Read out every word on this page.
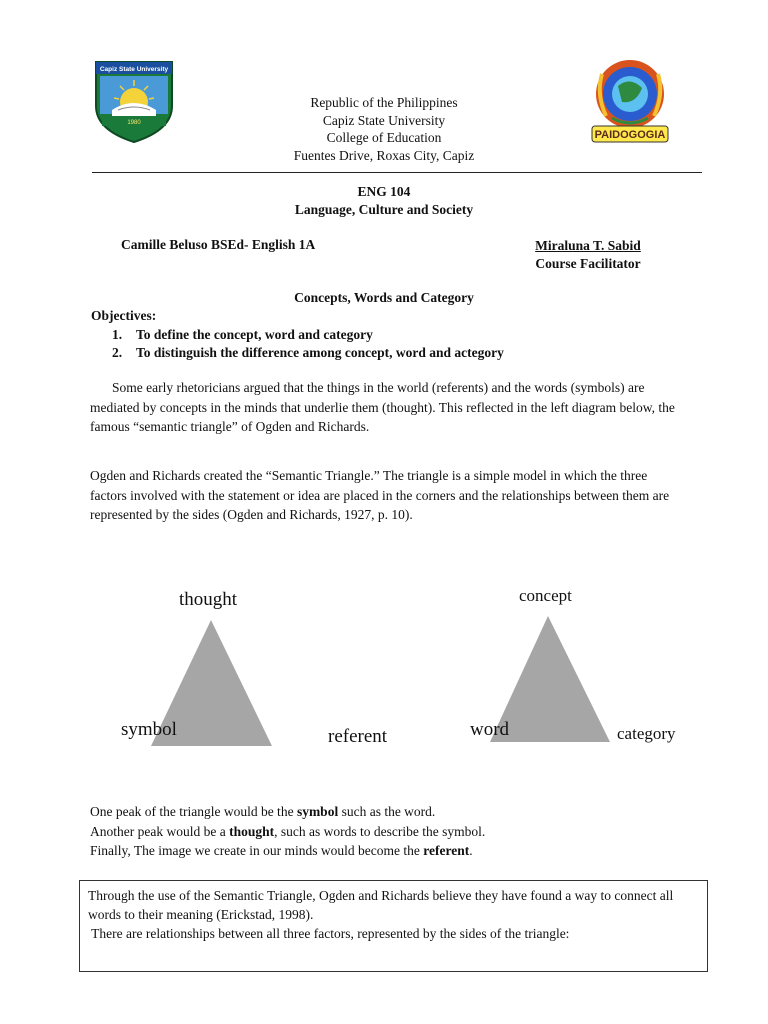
Capiz State University
1980
PAIDOGOGIA
Republic of the Philippines
Capiz State University
College of Education
Fuentes Drive, Roxas City, Capiz
ENG 104
Language, Culture and Society
Camille Beluso BSEd- English 1A	Miraluna T. Sabid
Course Facilitator
Concepts, Words and Category
Objectives:
1. To define the concept, word and category
2. To distinguish the difference among concept, word and actegory
Some early rhetoricians argued that the things in the world (referents) and the words (symbols) are mediated by concepts in the minds that underlie them (thought). This reflected in the left diagram below, the famous “semantic triangle” of Ogden and Richards.
Ogden and Richards created the “Semantic Triangle.” The triangle is a simple model in which the three factors involved with the statement or idea are placed in the corners and the relationships between them are represented by the sides (Ogden and Richards, 1927, p. 10).
thought
symbol	referent
concept
word	category
One peak of the triangle would be the symbol such as the word.
Another peak would be a thought, such as words to describe the symbol.
Finally, The image we create in our minds would become the referent.
Through the use of the Semantic Triangle, Ogden and Richards believe they have found a way to connect all words to their meaning (Erickstad, 1998).
There are relationships between all three factors, represented by the sides of the triangle:
